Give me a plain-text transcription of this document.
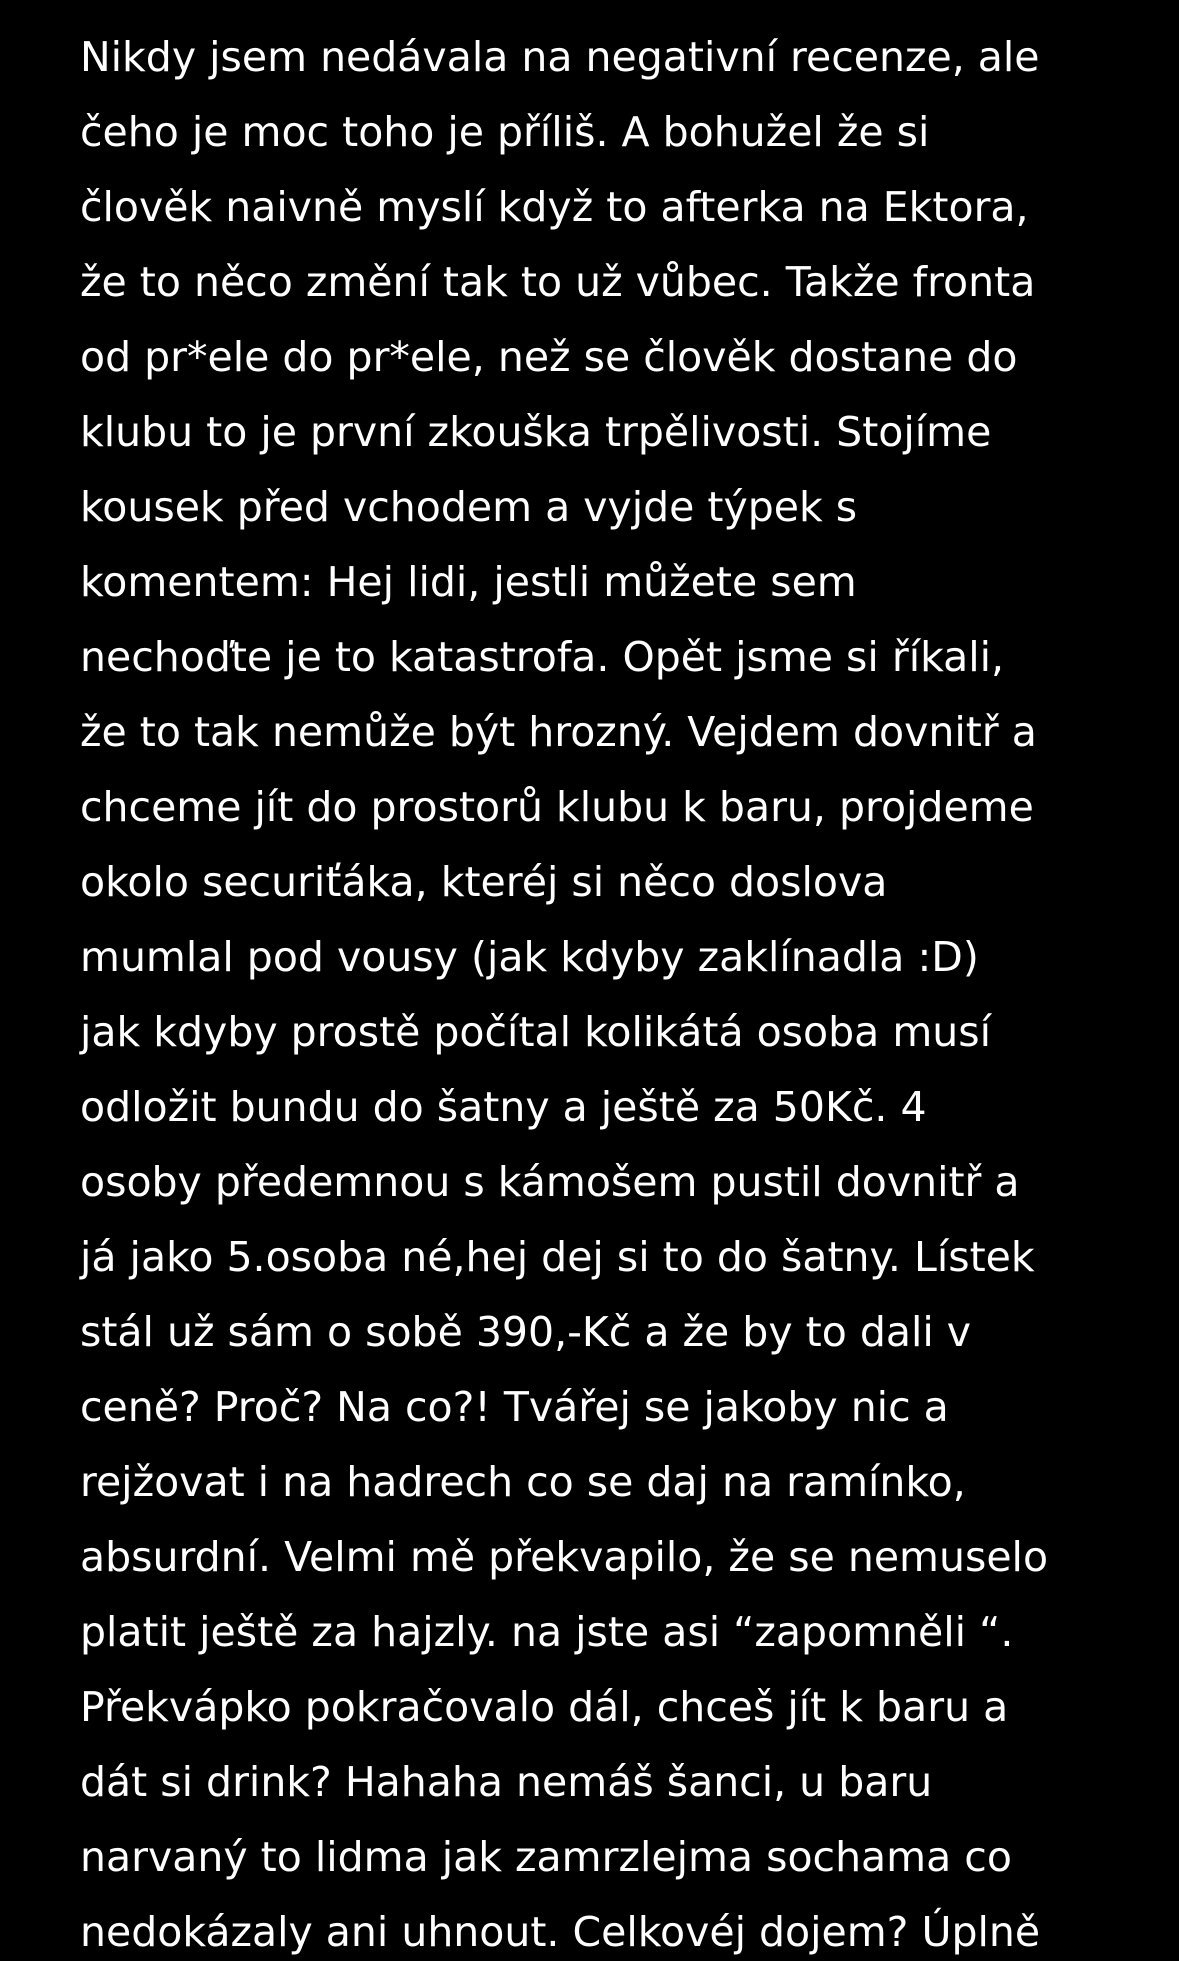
Nikdy jsem nedávala na negativní recenze, ale
čeho je moc toho je příliš. A bohužel že si
člověk naivně myslí když to afterka na Ektora,
že to něco změní tak to už vůbec. Takže fronta
od pr*ele do pr*ele, než se člověk dostane do
klubu to je první zkouška trpělivosti. Stojíme
kousek před vchodem a vyjde týpek s
komentem: Hej lidi, jestli můžete sem
nechoďte je to katastrofa. Opět jsme si říkali,
že to tak nemůže být hrozný. Vejdem dovnitř a
chceme jít do prostorů klubu k baru, projdeme
okolo securiťáka, kteréj si něco doslova
mumlal pod vousy (jak kdyby zaklínadla :D)
jak kdyby prostě počítal kolikátá osoba musí
odložit bundu do šatny a ještě za 50Kč. 4
osoby předemnou s kámošem pustil dovnitř a
já jako 5.osoba né,hej dej si to do šatny. Lístek
stál už sám o sobě 390,-Kč a že by to dali v
ceně? Proč? Na co?! Tvářej se jakoby nic a
rejžovat i na hadrech co se daj na ramínko,
absurdní. Velmi mě překvapilo, že se nemuselo
platit ještě za hajzly. na jste asi “zapomněli “.
Překvápko pokračovalo dál, chceš jít k baru a
dát si drink? Hahaha nemáš šanci, u baru
narvaný to lidma jak zamrzlejma sochama co
nedokázaly ani uhnout. Celkovéj dojem? Úplně
